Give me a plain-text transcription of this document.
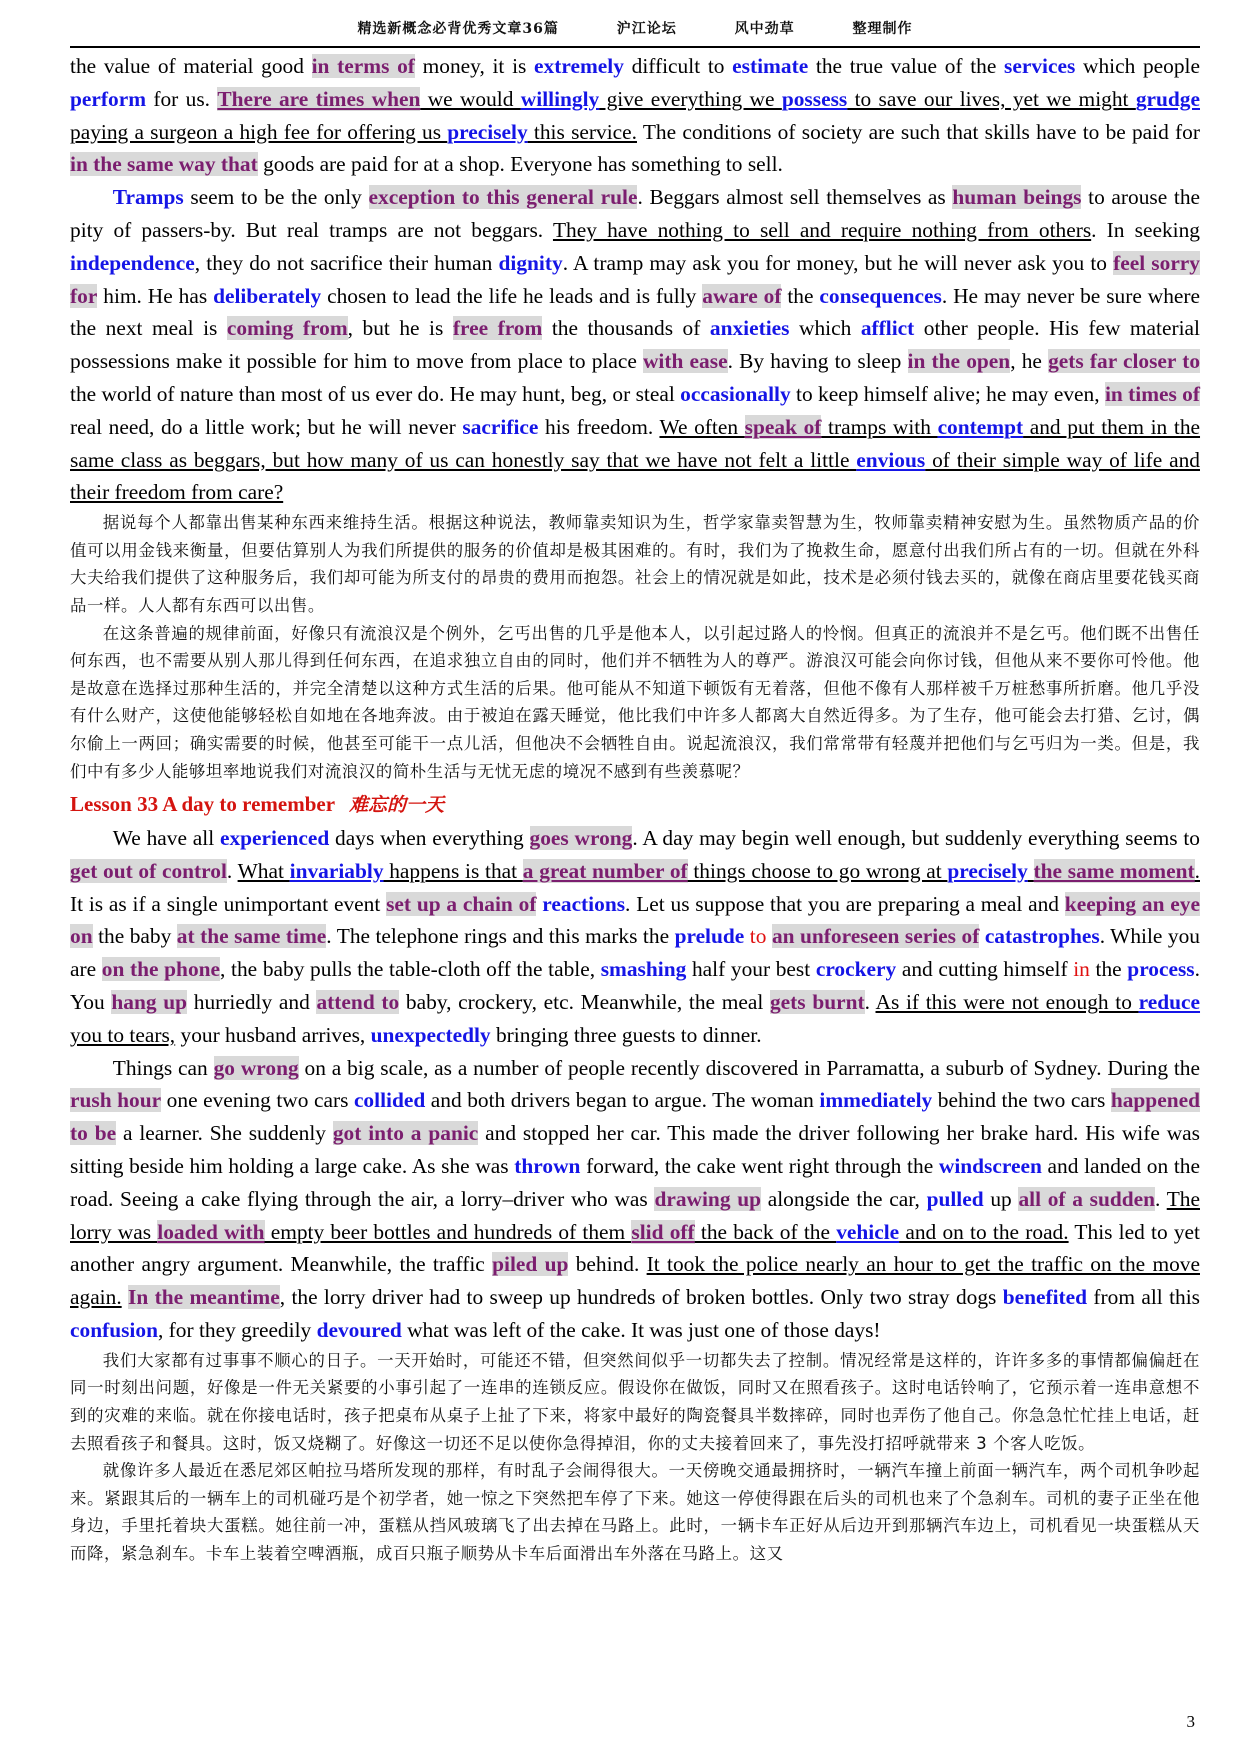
精选新概念必背优秀文章36篇	沪江论坛	风中劲草	整理制作

the value of material good in terms of money, it is extremely difficult to estimate the true value of the services which people perform for us. There are times when we would willingly give everything we possess to save our lives, yet we might grudge paying a surgeon a high fee for offering us precisely this service. The conditions of society are such that skills have to be paid for in the same way that goods are paid for at a shop. Everyone has something to sell.

Tramps seem to be the only exception to this general rule. Beggars almost sell themselves as human beings to arouse the pity of passers-by. But real tramps are not beggars. They have nothing to sell and require nothing from others. In seeking independence, they do not sacrifice their human dignity. A tramp may ask you for money, but he will never ask you to feel sorry for him. He has deliberately chosen to lead the life he leads and is fully aware of the consequences. He may never be sure where the next meal is coming from, but he is free from the thousands of anxieties which afflict other people. His few material possessions make it possible for him to move from place to place with ease. By having to sleep in the open, he gets far closer to the world of nature than most of us ever do. He may hunt, beg, or steal occasionally to keep himself alive; he may even, in times of real need, do a little work; but he will never sacrifice his freedom. We often speak of tramps with contempt and put them in the same class as beggars, but how many of us can honestly say that we have not felt a little envious of their simple way of life and their freedom from care?

据说每个人都靠出售某种东西来维持生活。根据这种说法，教师靠卖知识为生，哲学家靠卖智慧为生，牧师靠卖精神安慰为生。虽然物质产品的价值可以用金钱来衡量，但要估算别人为我们所提供的服务的价值却是极其困难的。有时，我们为了挽救生命，愿意付出我们所占有的一切。但就在外科大夫给我们提供了这种服务后，我们却可能为所支付的昂贵的费用而抱怨。社会上的情况就是如此，技术是必须付钱去买的，就像在商店里要花钱买商品一样。人人都有东西可以出售。

在这条普遍的规律前面，好像只有流浪汉是个例外，乞丐出售的几乎是他本人，以引起过路人的怜悯。但真正的流浪并不是乞丐。他们既不出售任何东西，也不需要从别人那儿得到任何东西，在追求独立自由的同时，他们并不牺牲为人的尊严。游浪汉可能会向你讨钱，但他从来不要你可怜他。他是故意在选择过那种生活的，并完全清楚以这种方式生活的后果。他可能从不知道下顿饭有无着落，但他不像有人那样被千万桩愁事所折磨。他几乎没有什么财产，这使他能够轻松自如地在各地奔波。由于被迫在露天睡觉，他比我们中许多人都离大自然近得多。为了生存，他可能会去打猎、乞讨，偶尔偷上一两回；确实需要的时候，他甚至可能干一点儿活，但他决不会牺牲自由。说起流浪汉，我们常常带有轻蔑并把他们与乞丐归为一类。但是，我们中有多少人能够坦率地说我们对流浪汉的简朴生活与无忧无虑的境况不感到有些羡慕呢？

Lesson 33 A day to remember 难忘的一天

We have all experienced days when everything goes wrong. A day may begin well enough, but suddenly everything seems to get out of control. What invariably happens is that a great number of things choose to go wrong at precisely the same moment. It is as if a single unimportant event set up a chain of reactions. Let us suppose that you are preparing a meal and keeping an eye on the baby at the same time. The telephone rings and this marks the prelude to an unforeseen series of catastrophes. While you are on the phone, the baby pulls the table-cloth off the table, smashing half your best crockery and cutting himself in the process. You hang up hurriedly and attend to baby, crockery, etc. Meanwhile, the meal gets burnt. As if this were not enough to reduce you to tears, your husband arrives, unexpectedly bringing three guests to dinner.

Things can go wrong on a big scale, as a number of people recently discovered in Parramatta, a suburb of Sydney. During the rush hour one evening two cars collided and both drivers began to argue. The woman immediately behind the two cars happened to be a learner. She suddenly got into a panic and stopped her car. This made the driver following her brake hard. His wife was sitting beside him holding a large cake. As she was thrown forward, the cake went right through the windscreen and landed on the road. Seeing a cake flying through the air, a lorry–driver who was drawing up alongside the car, pulled up all of a sudden. The lorry was loaded with empty beer bottles and hundreds of them slid off the back of the vehicle and on to the road. This led to yet another angry argument. Meanwhile, the traffic piled up behind. It took the police nearly an hour to get the traffic on the move again. In the meantime, the lorry driver had to sweep up hundreds of broken bottles. Only two stray dogs benefited from all this confusion, for they greedily devoured what was left of the cake. It was just one of those days!

我们大家都有过事事不顺心的日子。一天开始时，可能还不错，但突然间似乎一切都失去了控制。情况经常是这样的，许许多多的事情都偏偏赶在同一时刻出问题，好像是一件无关紧要的小事引起了一连串的连锁反应。假设你在做饭，同时又在照看孩子。这时电话铃响了，它预示着一连串意想不到的灾难的来临。就在你接电话时，孩子把桌布从桌子上扯了下来，将家中最好的陶瓷餐具半数摔碎，同时也弄伤了他自己。你急急忙忙挂上电话，赶去照看孩子和餐具。这时，饭又烧糊了。好像这一切还不足以使你急得掉泪，你的丈夫接着回来了，事先没打招呼就带来 3 个客人吃饭。

就像许多人最近在悉尼郊区帕拉马塔所发现的那样，有时乱子会闹得很大。一天傍晚交通最拥挤时，一辆汽车撞上前面一辆汽车，两个司机争吵起来。紧跟其后的一辆车上的司机碰巧是个初学者，她一惊之下突然把车停了下来。她这一停使得跟在后头的司机也来了个急刹车。司机的妻子正坐在他身边，手里托着块大蛋糕。她往前一冲，蛋糕从挡风玻璃飞了出去掉在马路上。此时，一辆卡车正好从后边开到那辆汽车边上，司机看见一块蛋糕从天而降，紧急刹车。卡车上装着空啤酒瓶，成百只瓶子顺势从卡车后面滑出车外落在马路上。这又

3
